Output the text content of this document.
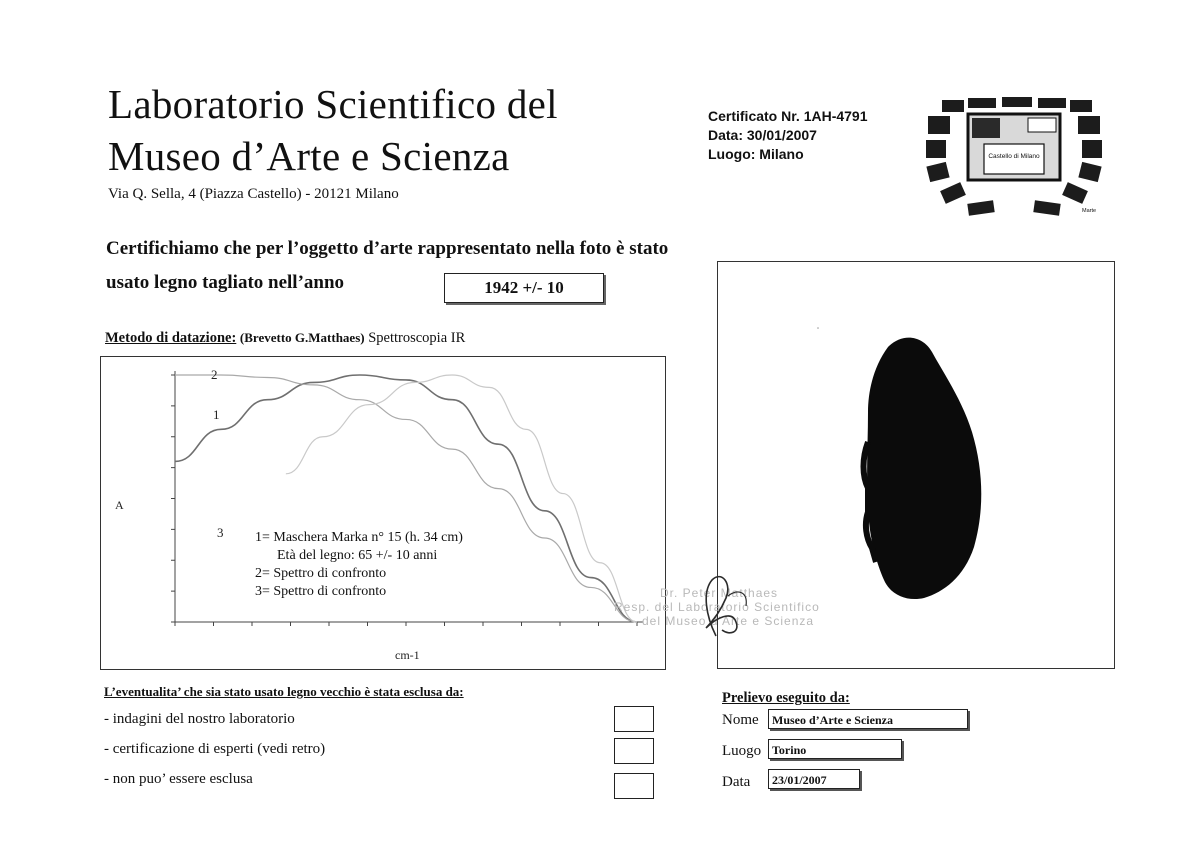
Laboratorio Scientifico del
Museo d’Arte e Scienza
Via Q. Sella, 4 (Piazza Castello) - 20121 Milano
Certificato Nr. 1AH-4791
Data: 30/01/2007
Luogo: Milano	Castello di Milano
Marte
Certifichiamo che per l’oggetto d’arte rappresentato nella foto è stato
usato legno tagliato nell’anno	1942 +/- 10
Metodo di datazione: (Brevetto G.Matthaes) Spettroscopia IR
1
2
3
A
cm-1
1= Maschera Marka n° 15 (h. 34 cm)
Età del legno: 65 +/- 10 anni
2= Spettro di confronto
3= Spettro di confronto	Dr. Peter Matthaes
Resp. del Laboratorio Scientifico
del Museo d’Arte e Scienza
L’eventualita’ che sia stato usato legno vecchio è stata esclusa da:
- indagini del nostro laboratorio
- certificazione di esperti (vedi retro)
- non puo’ essere esclusa
Prelievo eseguito da:
Nome	Museo d’Arte e Scienza
Luogo Torino
Data	23/01/2007
